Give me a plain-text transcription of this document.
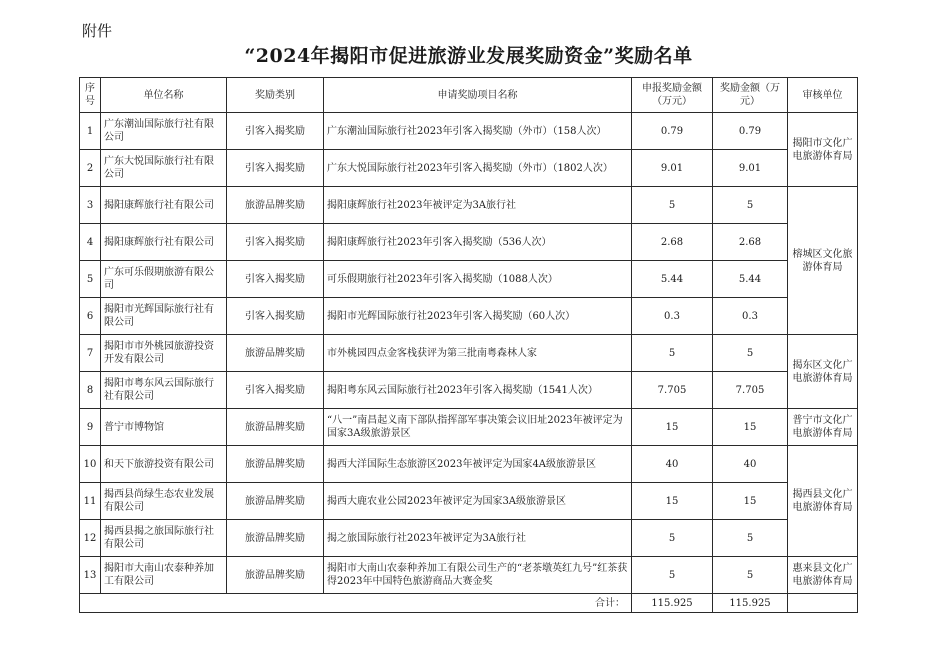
附件
“2024年揭阳市促进旅游业发展奖励资金”奖励名单
序号	单位名称	奖励类别	申请奖励项目名称	申报奖励金额（万元）	奖励金额（万元）	审核单位
1	广东潮汕国际旅行社有限公司	引客入揭奖励	广东潮汕国际旅行社2023年引客入揭奖励（外市）（158人次）	0.79	0.79	揭阳市文化广电旅游体育局
2	广东大悦国际旅行社有限公司	引客入揭奖励	广东大悦国际旅行社2023年引客入揭奖励（外市）（1802人次）	9.01	9.01	
3	揭阳康辉旅行社有限公司	旅游品牌奖励	揭阳康辉旅行社2023年被评定为3A旅行社	5	5	榕城区文化旅游体育局
4	揭阳康辉旅行社有限公司	引客入揭奖励	揭阳康辉旅行社2023年引客入揭奖励（536人次）	2.68	2.68	
5	广东可乐假期旅游有限公司	引客入揭奖励	可乐假期旅行社2023年引客入揭奖励（1088人次）	5.44	5.44	
6	揭阳市光辉国际旅行社有限公司	引客入揭奖励	揭阳市光辉国际旅行社2023年引客入揭奖励（60人次）	0.3	0.3	
7	揭阳市市外桃园旅游投资开发有限公司	旅游品牌奖励	市外桃园四点金客栈获评为第三批南粤森林人家	5	5	揭东区文化广电旅游体育局
8	揭阳市粤东风云国际旅行社有限公司	引客入揭奖励	揭阳粤东风云国际旅行社2023年引客入揭奖励（1541人次）	7.705	7.705	
9	普宁市博物馆	旅游品牌奖励	“八一”南昌起义南下部队指挥部军事决策会议旧址2023年被评定为国家3A级旅游景区	15	15	普宁市文化广电旅游体育局
10	和天下旅游投资有限公司	旅游品牌奖励	揭西大洋国际生态旅游区2023年被评定为国家4A级旅游景区	40	40	揭西县文化广电旅游体育局
11	揭西县尚绿生态农业发展有限公司	旅游品牌奖励	揭西大鹿农业公园2023年被评定为国家3A级旅游景区	15	15	
12	揭西县揭之旅国际旅行社有限公司	旅游品牌奖励	揭之旅国际旅行社2023年被评定为3A旅行社	5	5	
13	揭阳市大南山农泰种养加工有限公司	旅游品牌奖励	揭阳市大南山农泰种养加工有限公司生产的“老茶墩英红九号”红茶获得2023年中国特色旅游商品大赛金奖	5	5	惠来县文化广电旅游体育局
合计：				115.925	115.925	
